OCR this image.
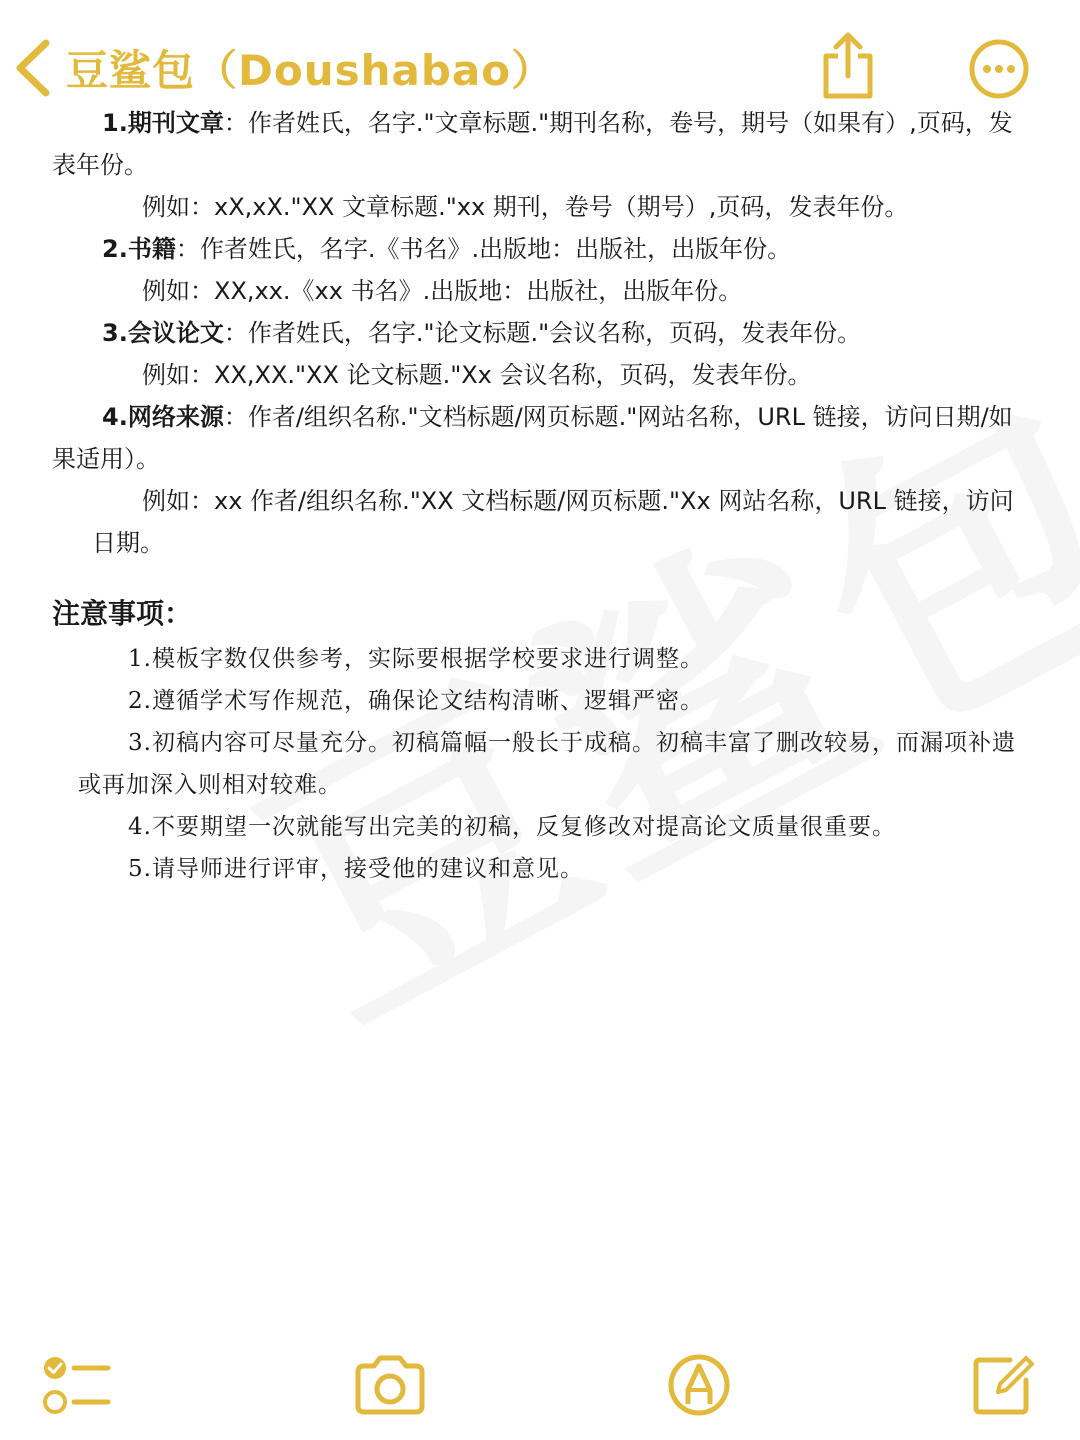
豆鲨包（Doushabao）

1.期刊文章：作者姓氏，名字."文章标题."期刊名称，卷号，期号（如果有）,页码，发表年份。

例如：xX,xX."XX 文章标题."xx 期刊，卷号（期号）,页码，发表年份。

2.书籍：作者姓氏，名字.《书名》.出版地：出版社，出版年份。

例如：XX,xx.《xx 书名》.出版地：出版社，出版年份。

3.会议论文：作者姓氏，名字."论文标题."会议名称，页码，发表年份。

例如：XX,XX."XX 论文标题."Xx 会议名称，页码，发表年份。

4.网络来源：作者/组织名称."文档标题/网页标题."网站名称，URL 链接，访问日期/如果适用）。

例如：xx 作者/组织名称."XX 文档标题/网页标题."Xx 网站名称，URL 链接，访问日期。

注意事项：

1.模板字数仅供参考，实际要根据学校要求进行调整。

2.遵循学术写作规范，确保论文结构清晰、逻辑严密。

3.初稿内容可尽量充分。初稿篇幅一般长于成稿。初稿丰富了删改较易，而漏项补遗或再加深入则相对较难。

4.不要期望一次就能写出完美的初稿，反复修改对提高论文质量很重要。

5.请导师进行评审，接受他的建议和意见。
